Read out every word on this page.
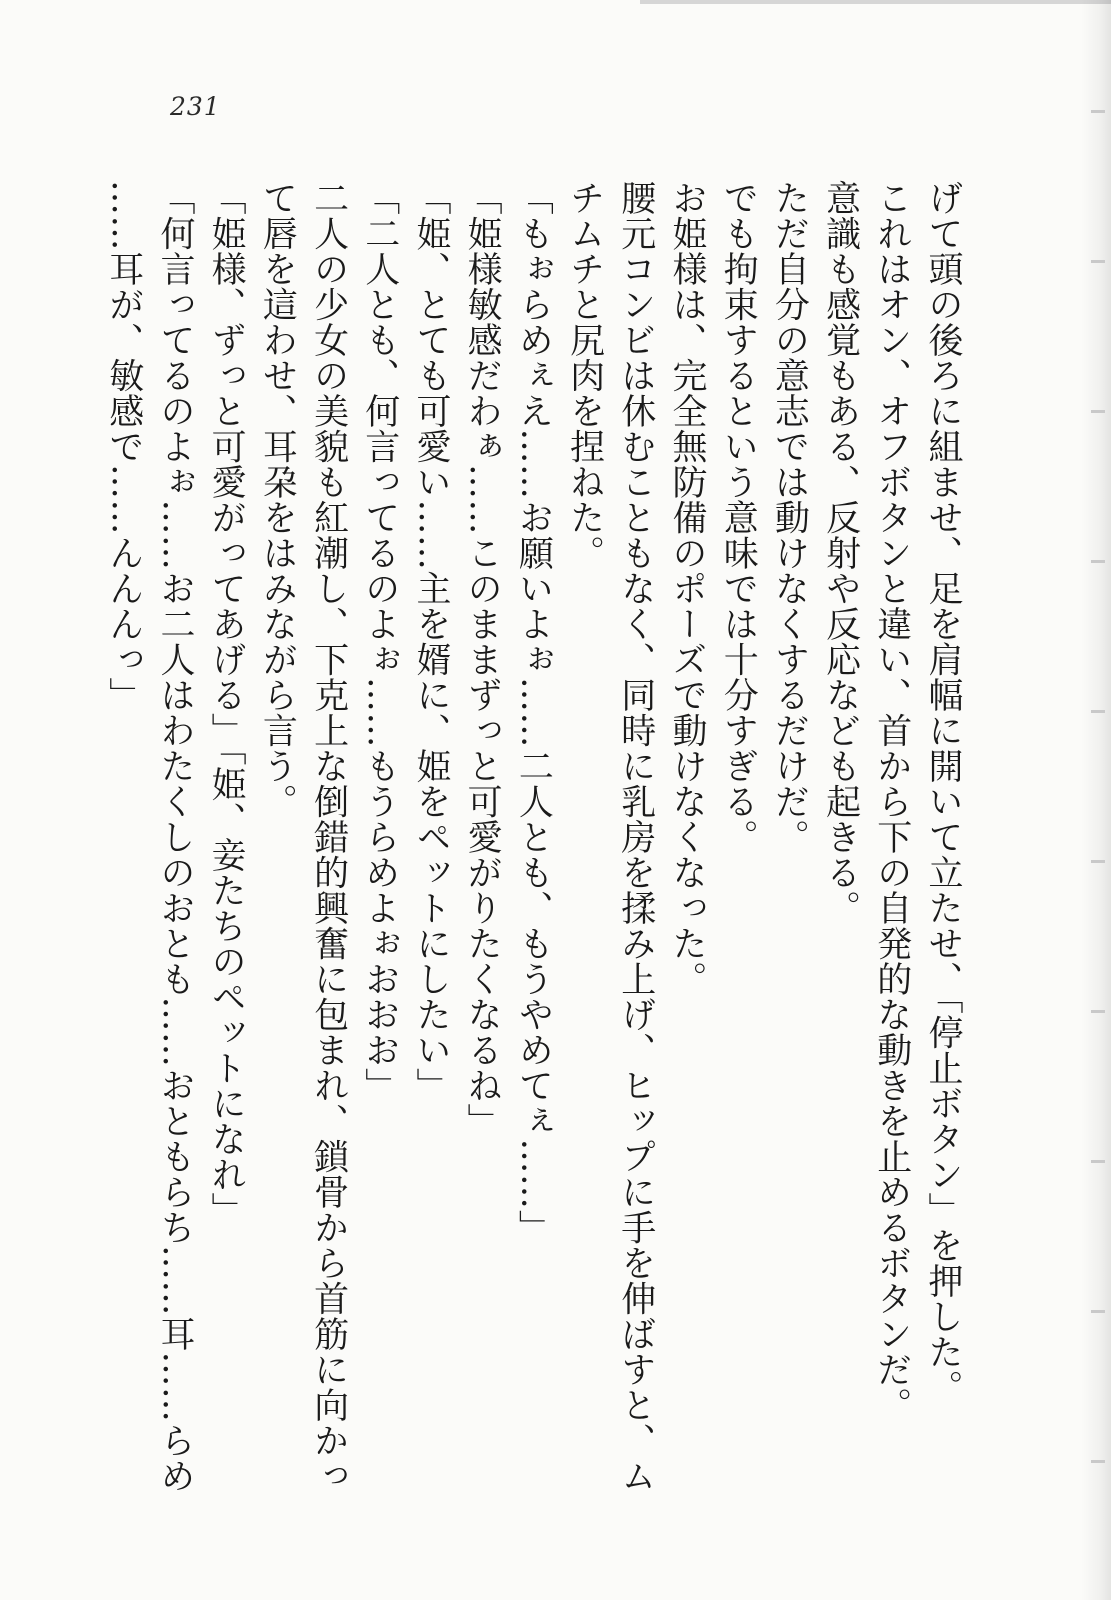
231
げて頭の後ろに組ませ、足を肩幅に開いて立たせ、「停止ボタン」を押した。
これはオン、オフボタンと違い、首から下の自発的な動きを止めるボタンだ。
意識も感覚もある、反射や反応なども起きる。
ただ自分の意志では動けなくするだけだ。
でも拘束するという意味では十分すぎる。
お姫様は、完全無防備のポーズで動けなくなった。
腰元コンビは休むこともなく、同時に乳房を揉み上げ、ヒップに手を伸ばすと、ム
チムチと尻肉を捏ねた。
「もぉらめぇえ……お願いよぉ……二人とも、もうやめてぇ……」
「姫様敏感だわぁ……このままずっと可愛がりたくなるね」
「姫、とても可愛い……主を婿に、姫をペットにしたい」
「二人とも、何言ってるのよぉ……もうらめよぉおおお」
二人の少女の美貌も紅潮し、下克上な倒錯的興奮に包まれ、鎖骨から首筋に向かっ
て唇を這わせ、耳朶をはみながら言う。
「姫様、ずっと可愛がってあげる」「姫、妾たちのペットになれ」
「何言ってるのよぉ……お二人はわたくしのおとも……おともらち……耳……らめ
……耳が、敏感で……んんんっ」
